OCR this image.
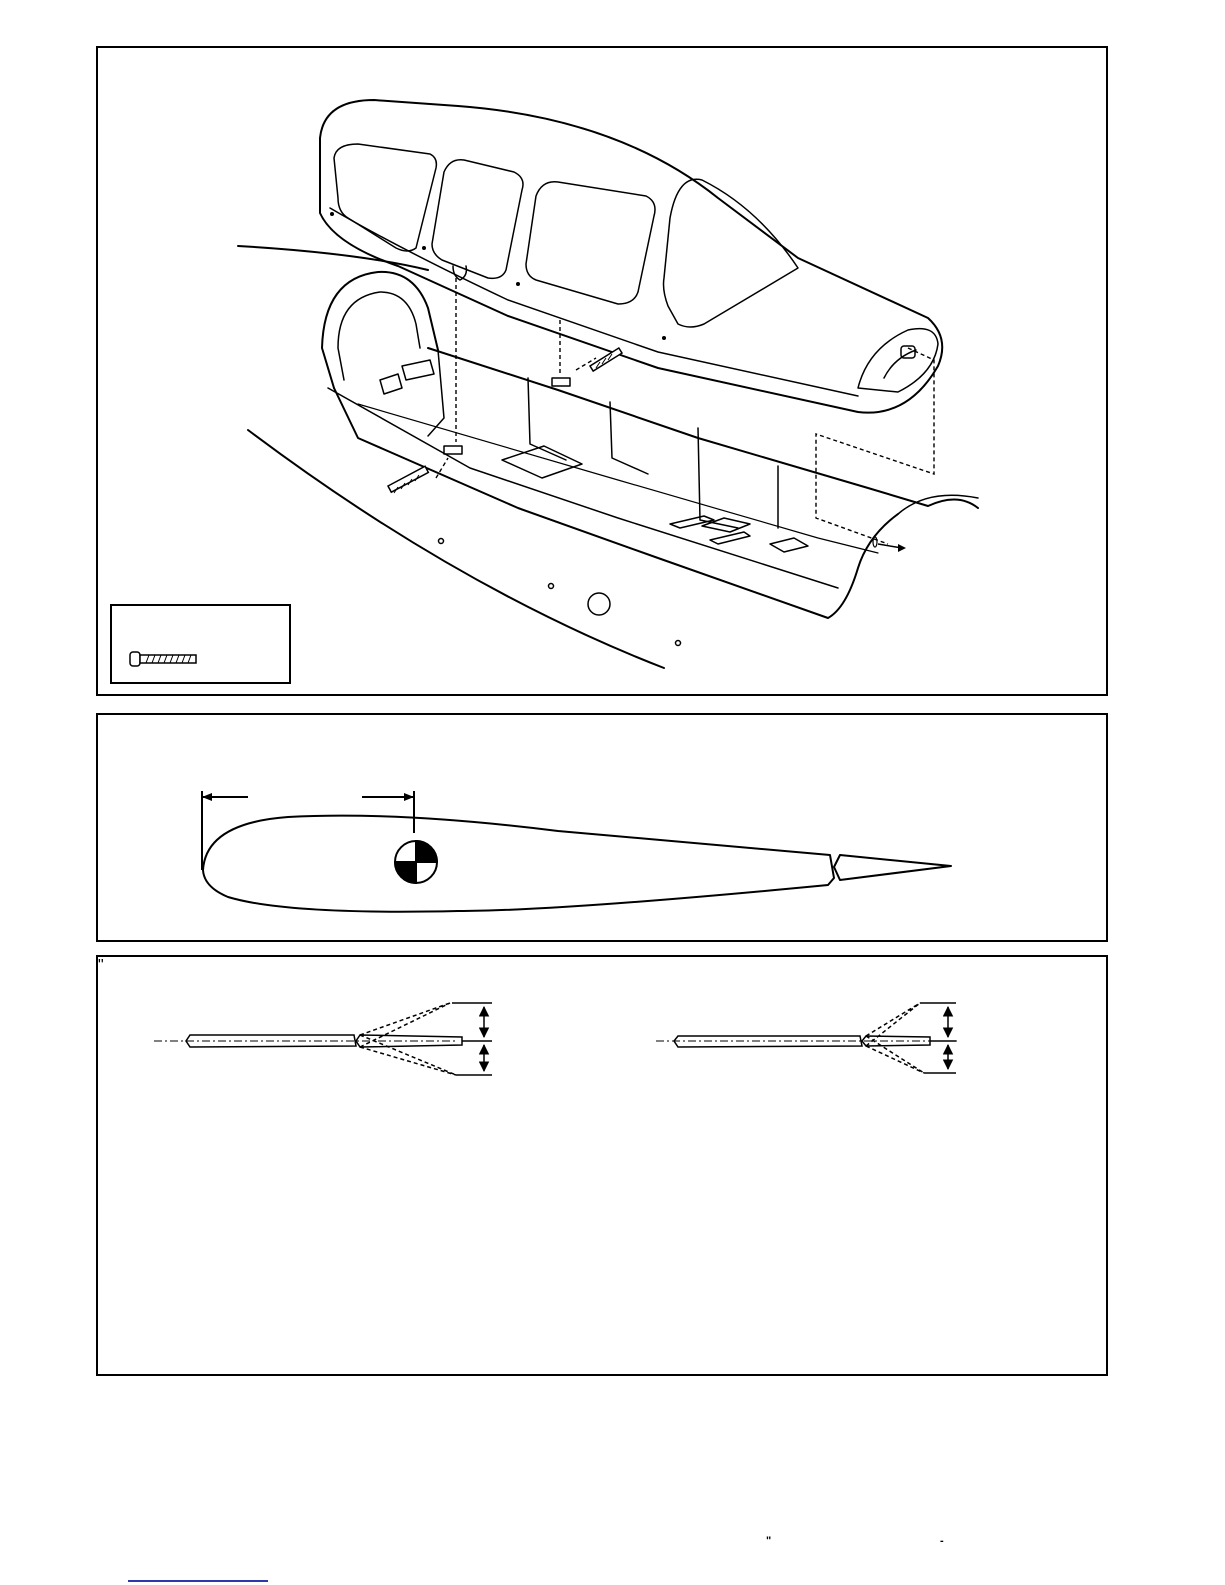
"
"	-
